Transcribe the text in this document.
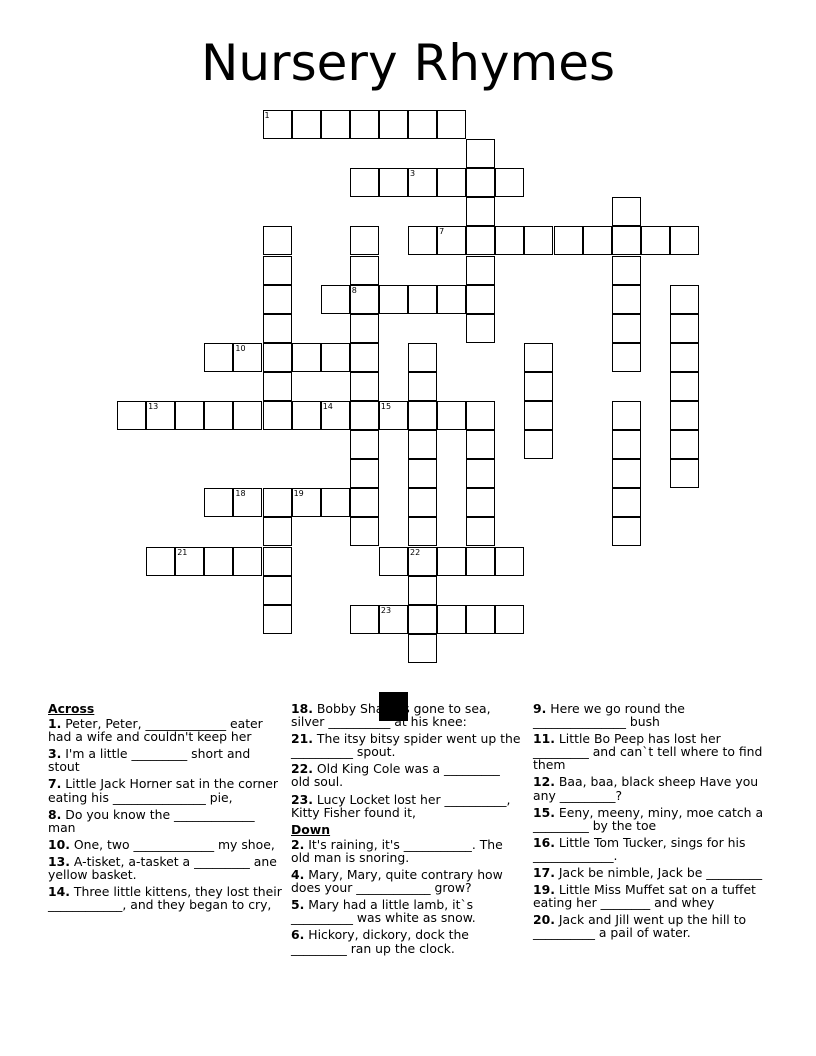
Nursery Rhymes
1
3
8
7
10
22
13	14	15
18	19
21
23
Across
1. Peter, Peter, _____________ eater had a wife and couldn't keep her
3. I'm a little _________ short and stout
7. Little Jack Horner sat in the corner eating his _______________ pie,
8. Do you know the _____________ man
10. One, two _____________ my shoe,
13. A-tisket, a-tasket a _________ ane yellow basket.
14. Three little kittens, they lost their ____________, and they began to cry,
18. Bobby Shafto's gone to sea, silver __________ at his knee:
21. The itsy bitsy spider went up the __________ spout.
22. Old King Cole was a _________ old soul.
23. Lucy Locket lost her __________, Kitty Fisher found it,
Down
2. It's raining, it's ___________. The old man is snoring.
4. Mary, Mary, quite contrary how does your ____________ grow?
5. Mary had a little lamb, it`s __________ was white as snow.
6. Hickory, dickory, dock the _________ ran up the clock.
9. Here we go round the _______________ bush
11. Little Bo Peep has lost her _________ and can`t tell where to find them
12. Baa, baa, black sheep Have you any _________?
15. Eeny, meeny, miny, moe catch a _________ by the toe
16. Little Tom Tucker, sings for his _____________.
17. Jack be nimble, Jack be _________
19. Little Miss Muffet sat on a tuffet eating her ________ and whey
20. Jack and Jill went up the hill to __________ a pail of water.
